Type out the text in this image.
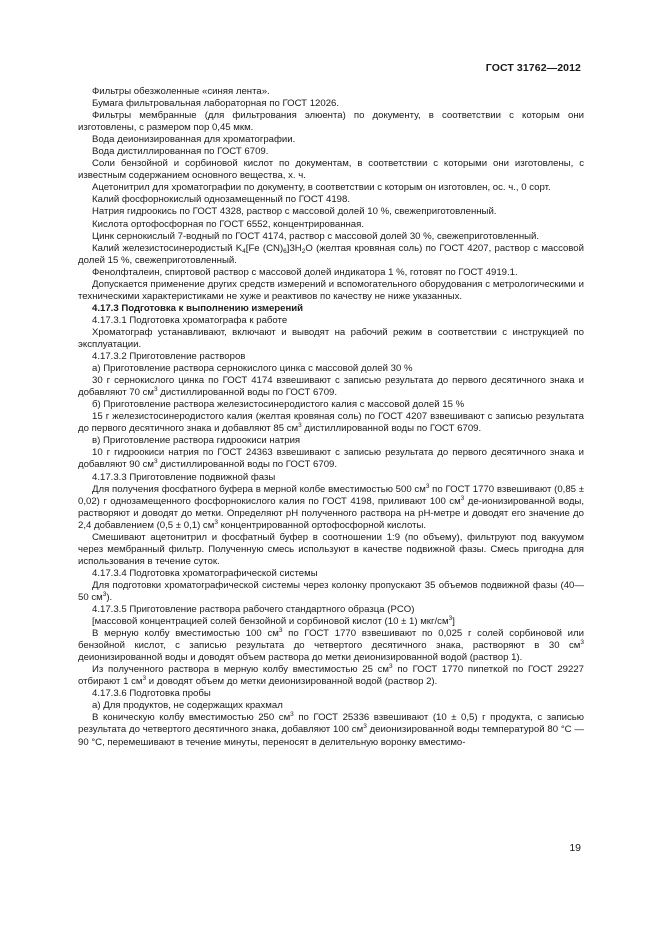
ГОСТ 31762—2012

Фильтры обезжоленные «синяя лента».

Бумага фильтровальная лабораторная по ГОСТ 12026.

Фильтры мембранные (для фильтрования элюента) по документу, в соответствии с которым они изготовлены, с размером пор 0,45 мкм.

Вода деионизированная для хроматографии.

Вода дистиллированная по ГОСТ 6709.

Соли бензойной и сорбиновой кислот по документам, в соответствии с которыми они изготовлены, с известным содержанием основного вещества, х. ч.

Ацетонитрил для хроматографии по документу, в соответствии с которым он изготовлен, ос. ч., 0 сорт.

Калий фосфорнокислый однозамещенный по ГОСТ 4198.

Натрия гидроокись по ГОСТ 4328, раствор с массовой долей 10 %, свежеприготовленный.

Кислота ортофосфорная по ГОСТ 6552, концентрированная.

Цинк сернокислый 7-водный по ГОСТ 4174, раствор с массовой долей 30 %, свежеприготовленный.

Калий железистосинеродистый $K_4[Fe$ $(CN)_6]3H_2O$ (желтая кровяная соль) по ГОСТ 4207, раствор с массовой долей 15 %, свежеприготовленный.

Фенолфталеин, спиртовой раствор с массовой долей индикатора 1 %, готовят по ГОСТ 4919.1.

Допускается применение других средств измерений и вспомогательного оборудования с метрологическими и техническими характеристиками не хуже и реактивов по качеству не ниже указанных.

4.17.3 Подготовка к выполнению измерений

4.17.3.1 Подготовка хроматографа к работе

Хроматограф устанавливают, включают и выводят на рабочий режим в соответствии с инструкцией по эксплуатации.

4.17.3.2 Приготовление растворов

а) Приготовление раствора сернокислого цинка с массовой долей 30 %

30 г сернокислого цинка по ГОСТ 4174 взвешивают с записью результата до первого десятичного знака и добавляют 70 $см^3$ дистиллированной воды по ГОСТ 6709.

б) Приготовление раствора железистосинеродистого калия с массовой долей 15 %

15 г железистосинеродистого калия (желтая кровяная соль) по ГОСТ 4207 взвешивают с записью результата до первого десятичного знака и добавляют 85 $см^3$ дистиллированной воды по ГОСТ 6709.

в) Приготовление раствора гидроокиси натрия

10 г гидроокиси натрия по ГОСТ 24363 взвешивают с записью результата до первого десятичного знака и добавляют 90 $см^3$ дистиллированной воды по ГОСТ 6709.

4.17.3.3 Приготовление подвижной фазы

Для получения фосфатного буфера в мерной колбе вместимостью 500 $см^3$ по ГОСТ 1770 взвешивают (0,85 ± 0,02) г однозамещенного фосфорнокислого калия по ГОСТ 4198, приливают 100 $см^3$ де-ионизированной воды, растворяют и доводят до метки. Определяют рН полученного раствора на рН-метре и доводят его значение до 2,4 добавлением (0,5 ± 0,1) $см^3$ концентрированной ортофосфорной кислоты.

Смешивают ацетонитрил и фосфатный буфер в соотношении 1:9 (по объему), фильтруют под вакуумом через мембранный фильтр. Полученную смесь используют в качестве подвижной фазы. Смесь пригодна для использования в течение суток.

4.17.3.4 Подготовка хроматографической системы

Для подготовки хроматографической системы через колонку пропускают 35 объемов подвижной фазы (40—50 $см^3$).

4.17.3.5 Приготовление раствора рабочего стандартного образца (PCO)

[массовой концентрацией солей бензойной и сорбиновой кислот (10 ± 1) мкг/$см^3$]

В мерную колбу вместимостью 100 $см^3$ по ГОСТ 1770 взвешивают по 0,025 г солей сорбиновой или бензойной кислот, с записью результата до четвертого десятичного знака, растворяют в 30 $см^3$ деионизированной воды и доводят объем раствора до метки деионизированной водой (раствор 1).

Из полученного раствора в мерную колбу вместимостью 25 $см^3$ по ГОСТ 1770 пипеткой по ГОСТ 29227 отбирают 1 $см^3$ и доводят объем до метки деионизированной водой (раствор 2).

4.17.3.6 Подготовка пробы

а) Для продуктов, не содержащих крахмал

В коническую колбу вместимостью 250 $см^3$ по ГОСТ 25336 взвешивают (10 ± 0,5) г продукта, с записью результата до четвертого десятичного знака, добавляют 100 $см^3$ деионизированной воды температурой 80 °С — 90 °С, перемешивают в течение минуты, переносят в делительную воронку вместимо-

19
